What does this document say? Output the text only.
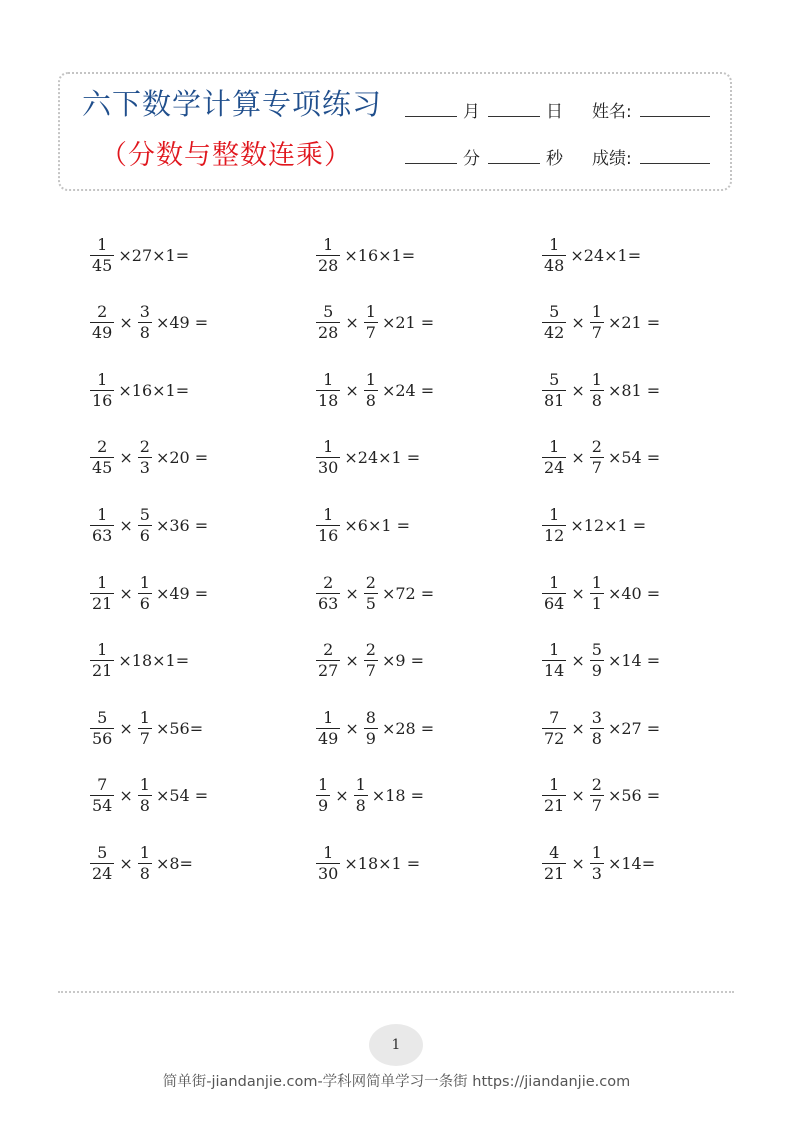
六下数学计算专项练习
（分数与整数连乘）
月	日 姓名:
分	秒 成绩:
$\frac{1}{45} \times 27\times 1=$	$\frac{1}{28} \times 16\times 1=$	$\frac{1}{48} \times 24\times 1=$
$\frac{2}{49} \times \frac{3}{8} \times 49$ =	$\frac{5}{28} \times \frac{1}{7} \times 21$ =	$\frac{5}{42} \times \frac{1}{7} \times 21$ =
$\frac{1}{16} \times 16\times 1=$	$\frac{1}{18} \times \frac{1}{8} \times 24$ =	$\frac{5}{81} \times \frac{1}{8} \times 81$ =
$\frac{2}{45} \times \frac{2}{3} \times 20$ =	$\frac{1}{30} \times 24\times 1$ =	$\frac{1}{24} \times \frac{2}{7} \times 54$ =
$\frac{1}{63} \times \frac{5}{6} \times 36$ =	$\frac{1}{16} \times 6\times 1$ =	$\frac{1}{12} \times 12\times 1$ =
$\frac{1}{21} \times \frac{1}{6} \times 49$ =	$\frac{2}{63} \times \frac{2}{5} \times 72$ =	$\frac{1}{64} \times \frac{1}{1} \times 40$ =
$\frac{1}{21} \times 18\times 1=$	$\frac{2}{27} \times \frac{2}{7} \times 9$ =	$\frac{1}{14} \times \frac{5}{9} \times 14$ =
$\frac{5}{56} \times \frac{1}{7} \times 56=$	$\frac{1}{49} \times \frac{8}{9} \times 28$ =	$\frac{7}{72} \times \frac{3}{8} \times 27$ =
$\frac{7}{54} \times \frac{1}{8} \times 54$ =	$\frac{1}{9} \times \frac{1}{8} \times 18$ =	$\frac{1}{21} \times \frac{2}{7} \times 56$ =
$\frac{5}{24} \times \frac{1}{8} \times 8=$	$\frac{1}{30} \times 18\times 1$ =	$\frac{4}{21} \times \frac{1}{3} \times 14=$
1
简单街-jiandanjie.com-学科网简单学习一条街 https://jiandanjie.com
